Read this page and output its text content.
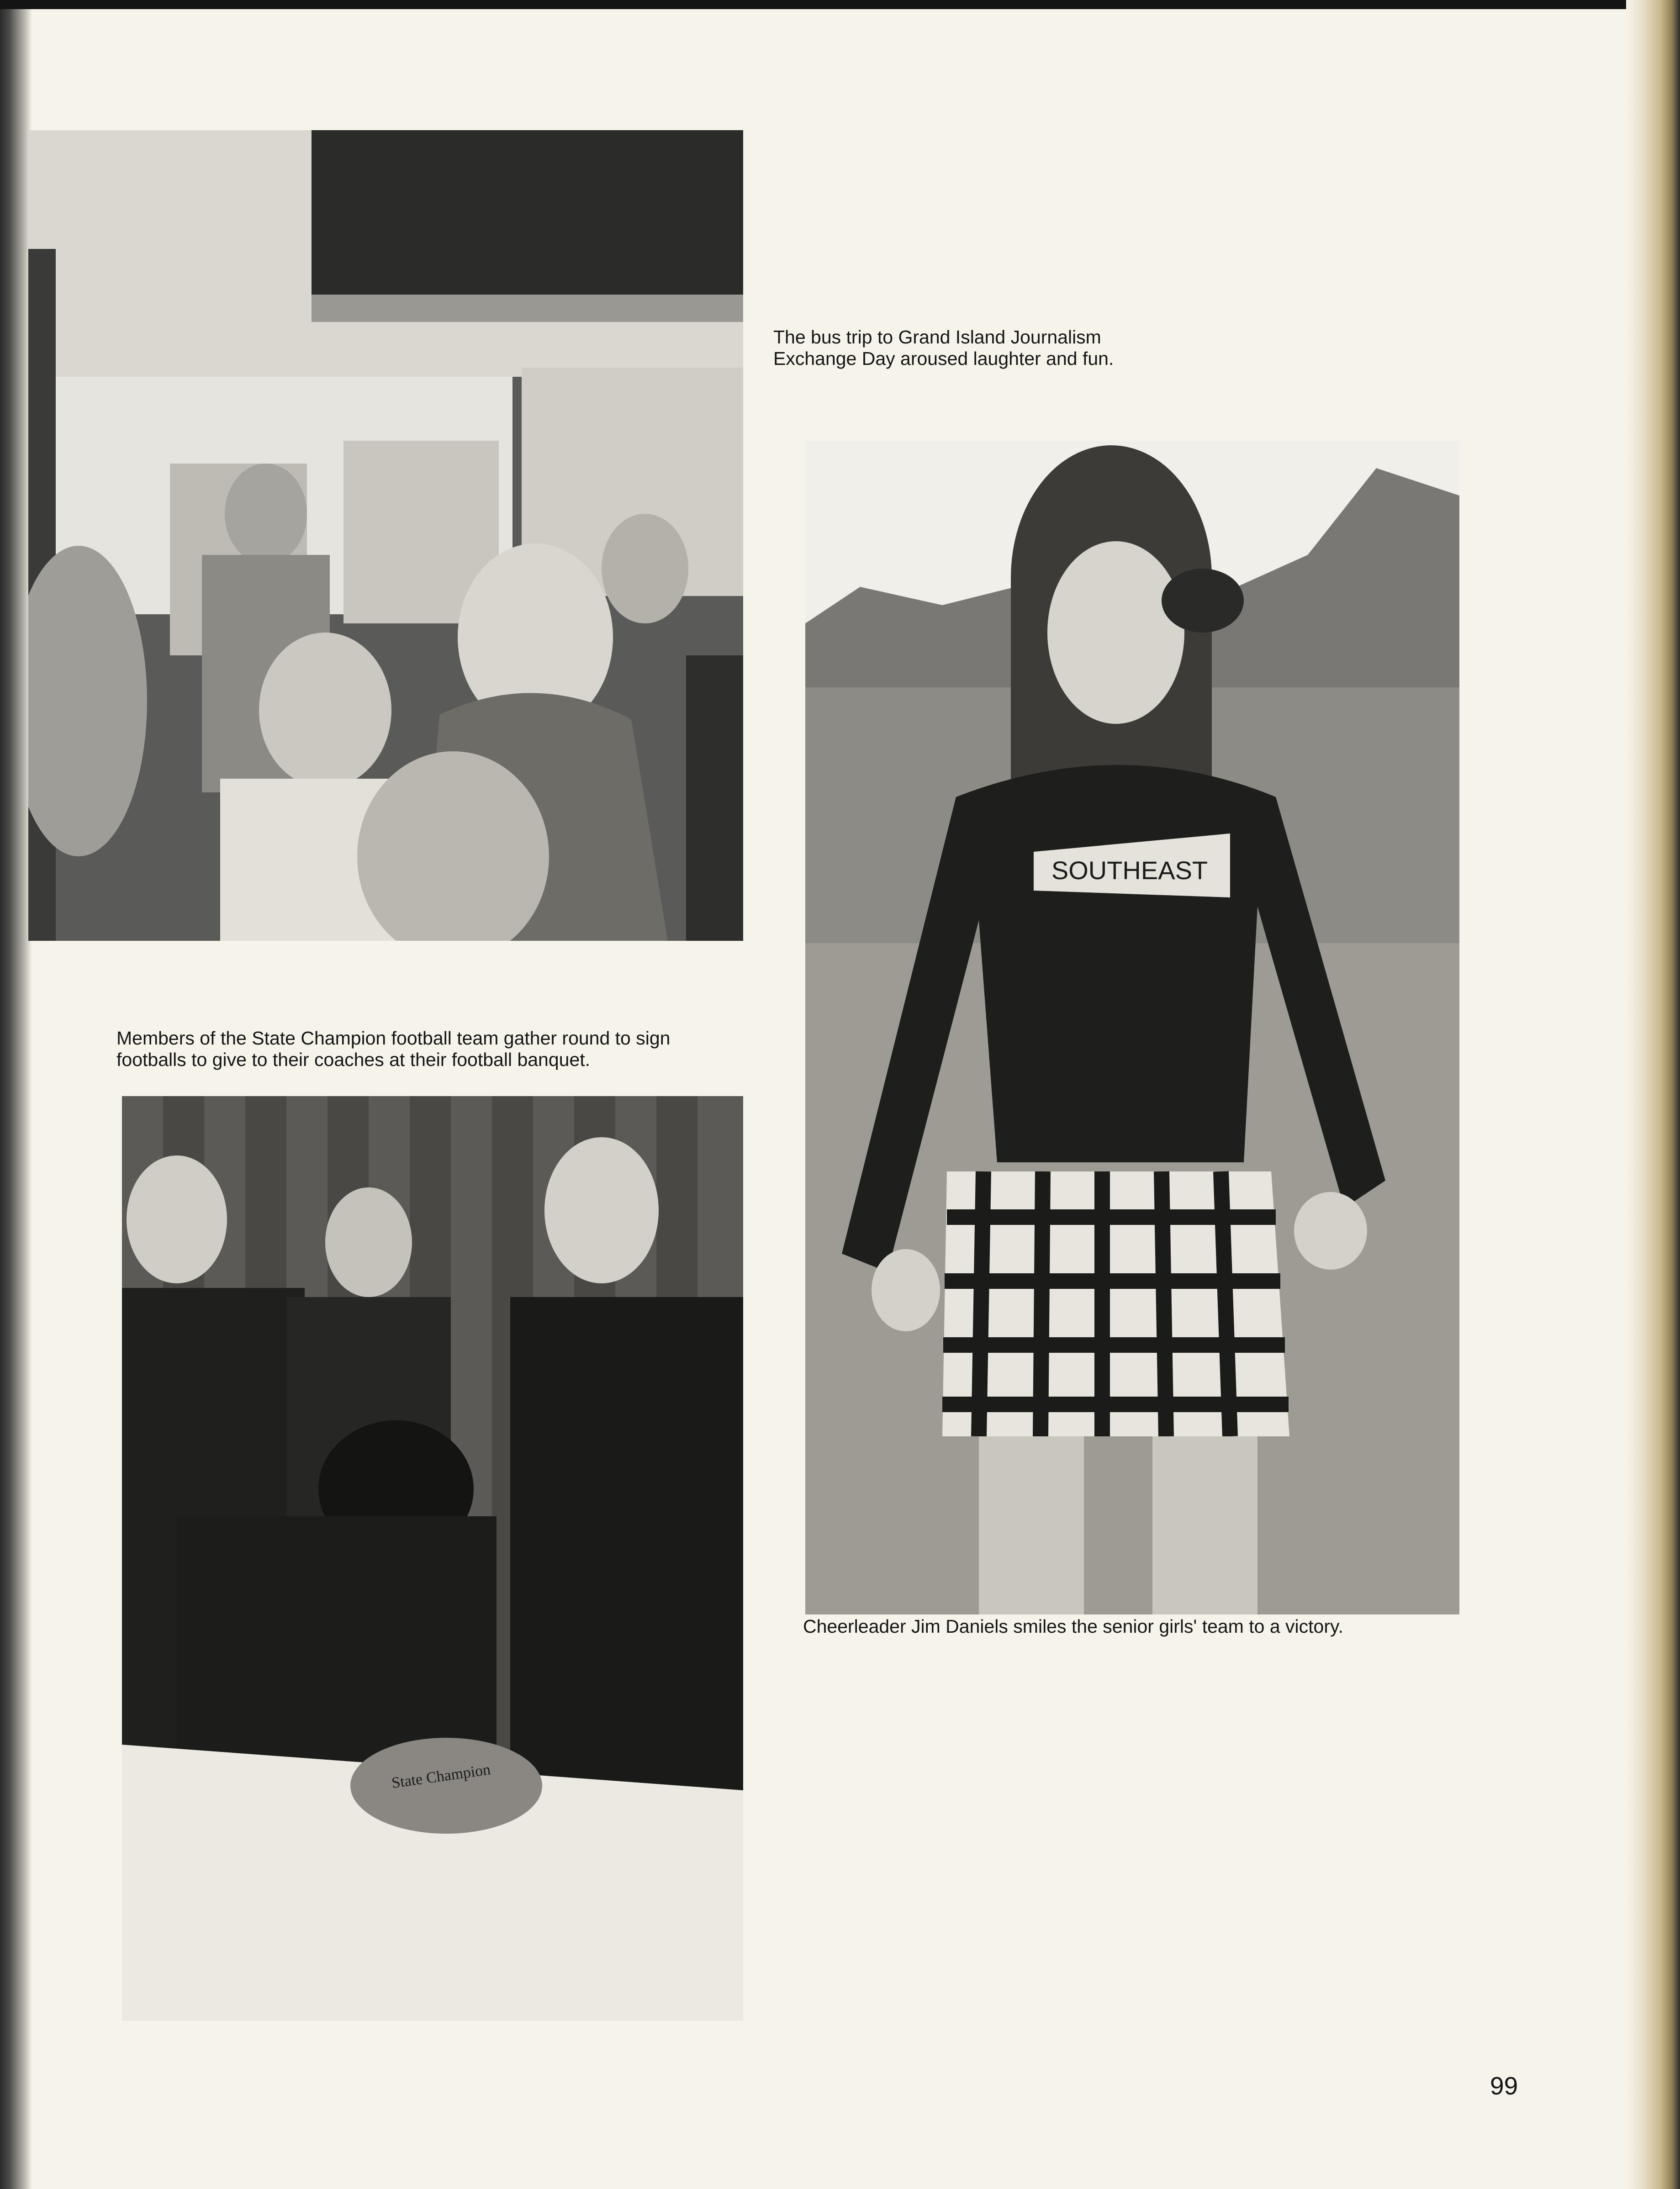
State Champion
SOUTHEAST
The bus trip to Grand Island Journalism
Exchange Day aroused laughter and fun.
Members of the State Champion football team gather round to sign
footballs to give to their coaches at their football banquet.
Cheerleader Jim Daniels smiles the senior girls' team to a victory.
99
